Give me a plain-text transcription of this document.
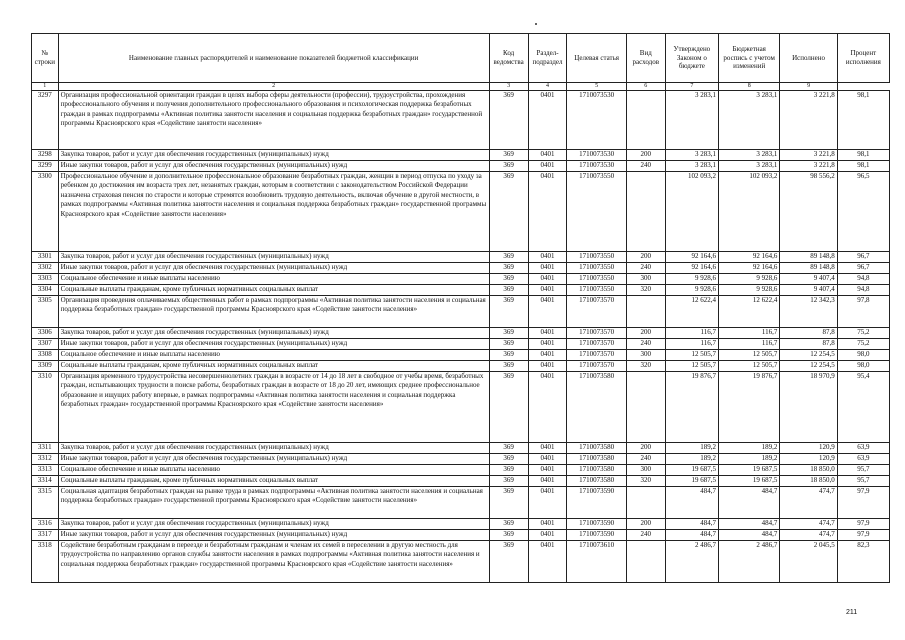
№ строки	Наименование главных распорядителей и наименование показателей бюджетной классификации	Код ведомства	Раздел-подраздел	Целевая статья	Вид расходов	Утверждено Законом о бюджете	Бюджетная роспись с учетом изменений	Исполнено	Процент исполнения
1	2	3	4	5	6	7	8	9	
3297	Организация профессиональной ориентации граждан в целях выбора сферы деятельности (профессии), трудоустройства, прохождения профессионального обучения и получения дополнительного профессионального образования и психологическая поддержка безработных граждан в рамках подпрограммы «Активная политика занятости населения и социальная поддержка безработных граждан» государственной программы Красноярского края «Содействие занятости населения»	369	0401	1710073530		3 283,1	3 283,1	3 221,8	98,1
3298	Закупка товаров, работ и услуг для обеспечения государственных (муниципальных) нужд	369	0401	1710073530	200	3 283,1	3 283,1	3 221,8	98,1
3299	Иные закупки товаров, работ и услуг для обеспечения государственных (муниципальных) нужд	369	0401	1710073530	240	3 283,1	3 283,1	3 221,8	98,1
3300	Профессиональное обучение и дополнительное профессиональное образование безработных граждан, женщин в период отпуска по уходу за ребенком до достижения им возраста трех лет, незанятых граждан, которым в соответствии с законодательством Российской Федерации назначена страховая пенсия по старости и которые стремятся возобновить трудовую деятельность, включая обучение в другой местности, в рамках подпрограммы «Активная политика занятости населения и социальная поддержка безработных граждан» государственной программы Красноярского края «Содействие занятости населения»	369	0401	1710073550		102 093,2	102 093,2	98 556,2	96,5
3301	Закупка товаров, работ и услуг для обеспечения государственных (муниципальных) нужд	369	0401	1710073550	200	92 164,6	92 164,6	89 148,8	96,7
3302	Иные закупки товаров, работ и услуг для обеспечения государственных (муниципальных) нужд	369	0401	1710073550	240	92 164,6	92 164,6	89 148,8	96,7
3303	Социальное обеспечение и иные выплаты населению	369	0401	1710073550	300	9 928,6	9 928,6	9 407,4	94,8
3304	Социальные выплаты гражданам, кроме публичных нормативных социальных выплат	369	0401	1710073550	320	9 928,6	9 928,6	9 407,4	94,8
3305	Организация проведения оплачиваемых общественных работ в рамках подпрограммы «Активная политика занятости населения и социальная поддержка безработных граждан» государственной программы Красноярского края «Содействие занятости населения»	369	0401	1710073570		12 622,4	12 622,4	12 342,3	97,8
3306	Закупка товаров, работ и услуг для обеспечения государственных (муниципальных) нужд	369	0401	1710073570	200	116,7	116,7	87,8	75,2
3307	Иные закупки товаров, работ и услуг для обеспечения государственных (муниципальных) нужд	369	0401	1710073570	240	116,7	116,7	87,8	75,2
3308	Социальное обеспечение и иные выплаты населению	369	0401	1710073570	300	12 505,7	12 505,7	12 254,5	98,0
3309	Социальные выплаты гражданам, кроме публичных нормативных социальных выплат	369	0401	1710073570	320	12 505,7	12 505,7	12 254,5	98,0
3310	Организация временного трудоустройства несовершеннолетних граждан в возрасте от 14 до 18 лет в свободное от учебы время, безработных граждан, испытывающих трудности в поиске работы, безработных граждан в возрасте от 18 до 20 лет, имеющих среднее профессиональное образование и ищущих работу впервые, в рамках подпрограммы «Активная политика занятости населения и социальная поддержка безработных граждан» государственной программы Красноярского края «Содействие занятости населения»	369	0401	1710073580		19 876,7	19 876,7	18 970,9	95,4
3311	Закупка товаров, работ и услуг для обеспечения государственных (муниципальных) нужд	369	0401	1710073580	200	189,2	189,2	120,9	63,9
3312	Иные закупки товаров, работ и услуг для обеспечения государственных (муниципальных) нужд	369	0401	1710073580	240	189,2	189,2	120,9	63,9
3313	Социальное обеспечение и иные выплаты населению	369	0401	1710073580	300	19 687,5	19 687,5	18 850,0	95,7
3314	Социальные выплаты гражданам, кроме публичных нормативных социальных выплат	369	0401	1710073580	320	19 687,5	19 687,5	18 850,0	95,7
3315	Социальная адаптация безработных граждан на рынке труда в рамках подпрограммы «Активная политика занятости населения и социальная поддержка безработных граждан» государственной программы Красноярского края «Содействие занятости населения»	369	0401	1710073590		484,7	484,7	474,7	97,9
3316	Закупка товаров, работ и услуг для обеспечения государственных (муниципальных) нужд	369	0401	1710073590	200	484,7	484,7	474,7	97,9
3317	Иные закупки товаров, работ и услуг для обеспечения государственных (муниципальных) нужд	369	0401	1710073590	240	484,7	484,7	474,7	97,9
3318	Содействие безработным гражданам в переезде и безработным гражданам и членам их семей в переселении в другую местность для трудоустройства по направлению органов службы занятости населения в рамках подпрограммы «Активная политика занятости населения и социальная поддержка безработных граждан» государственной программы Красноярского края «Содействие занятости населения»	369	0401	1710073610		2 486,7	2 486,7	2 045,5	82,3
211
